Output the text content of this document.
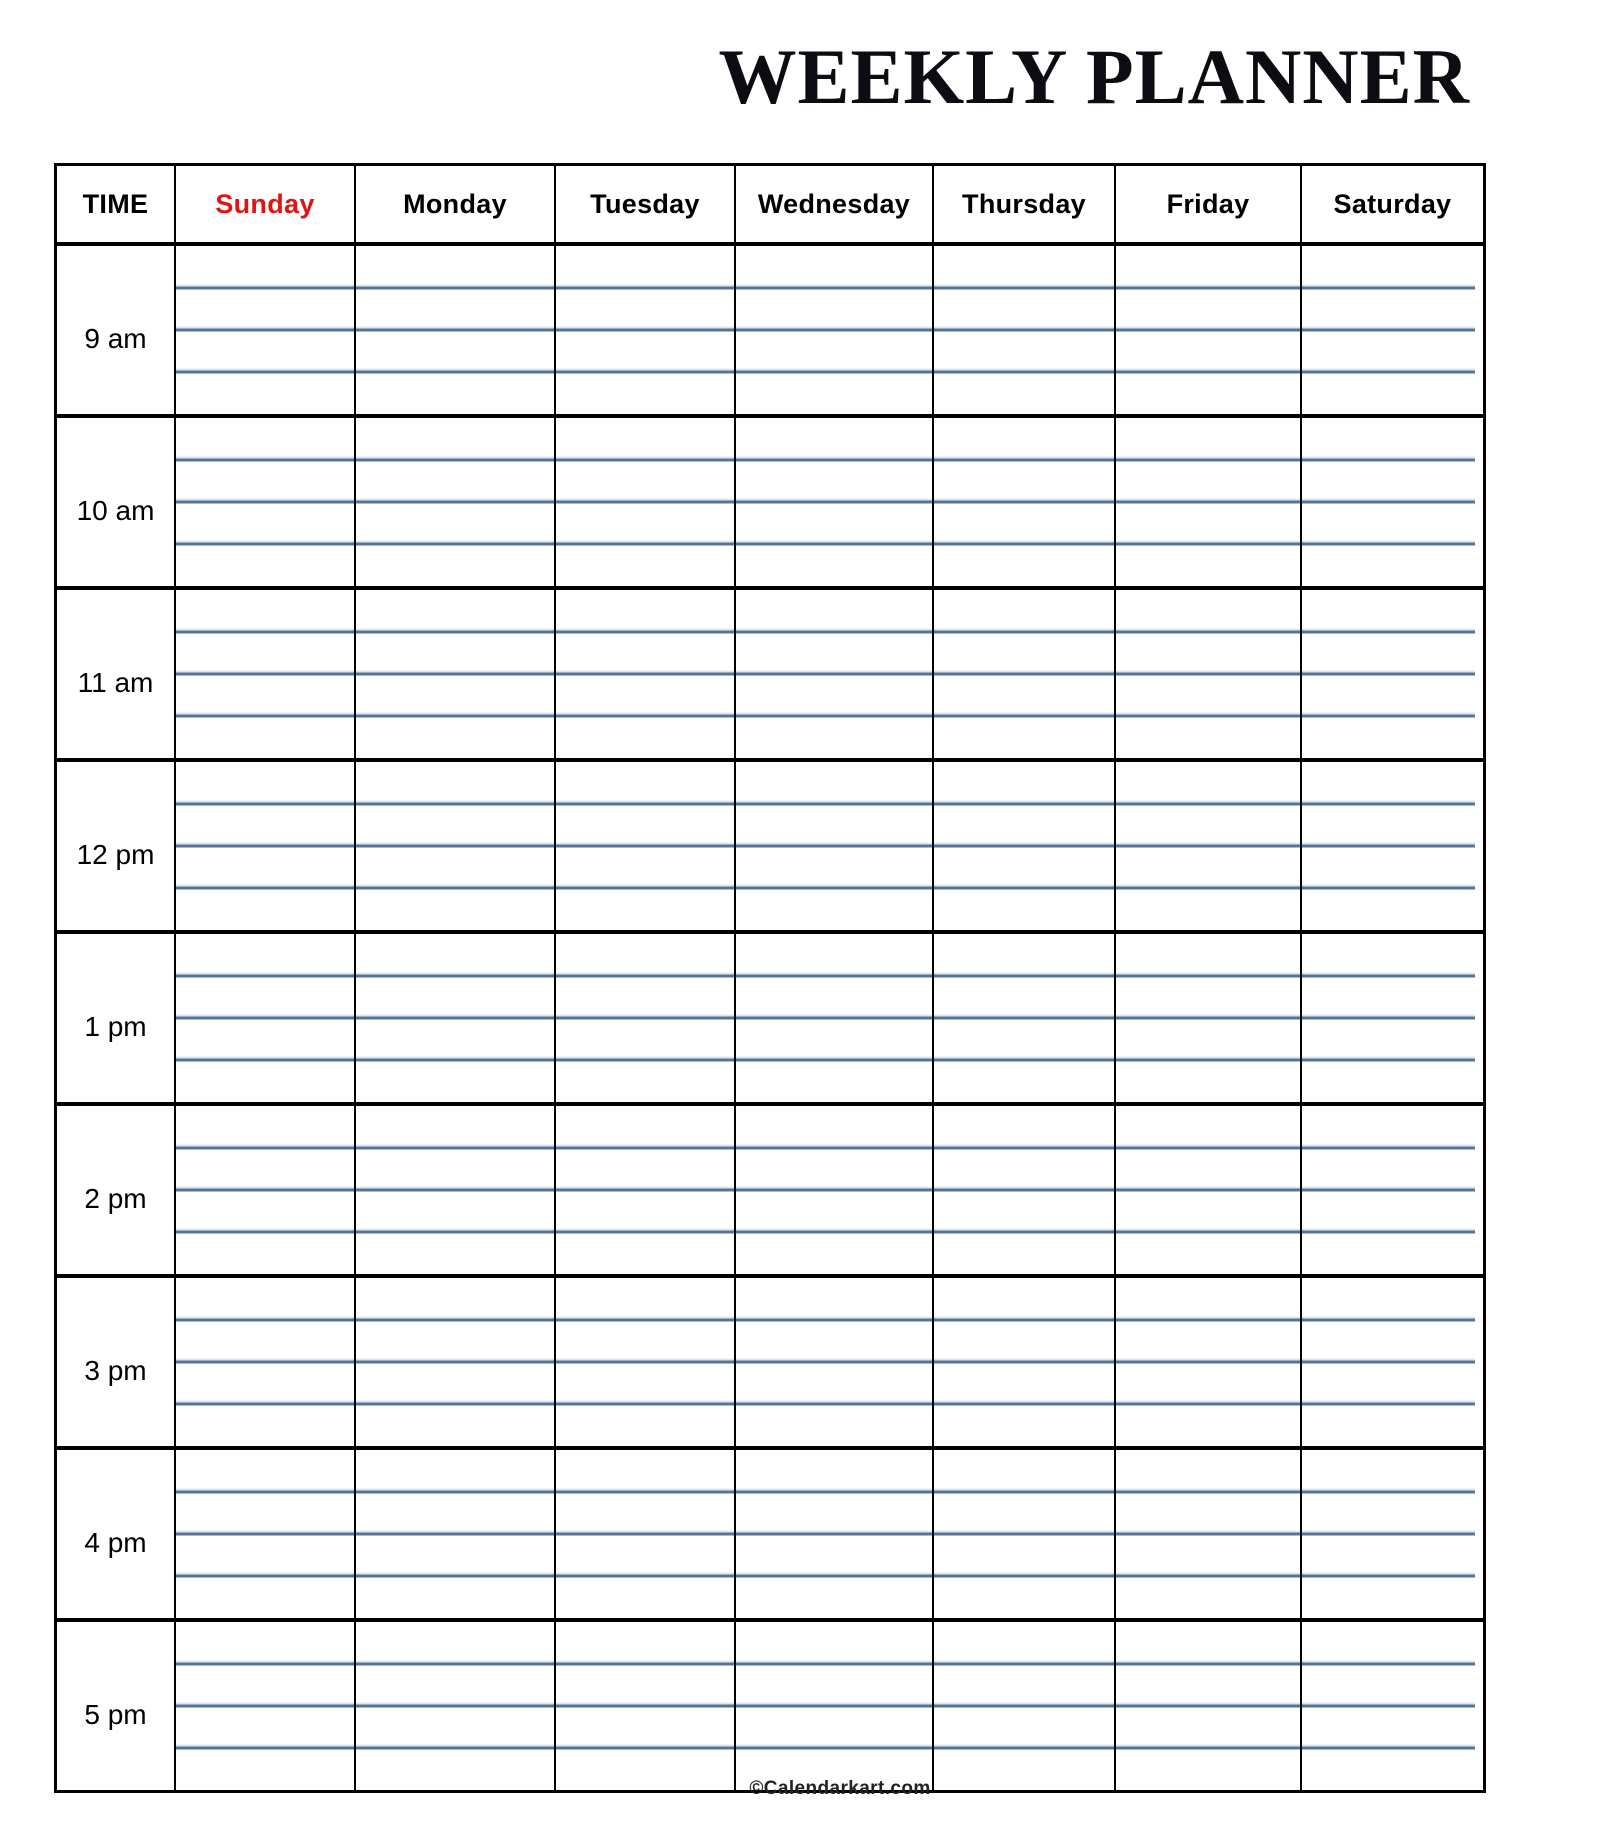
WEEKLY PLANNER
TIME	Sunday	Monday	Tuesday	Wednesday	Thursday	Friday	Saturday
9 am
10 am
11 am
12 pm
1 pm
2 pm
3 pm
4 pm
5 pm
©Calendarkart.com
